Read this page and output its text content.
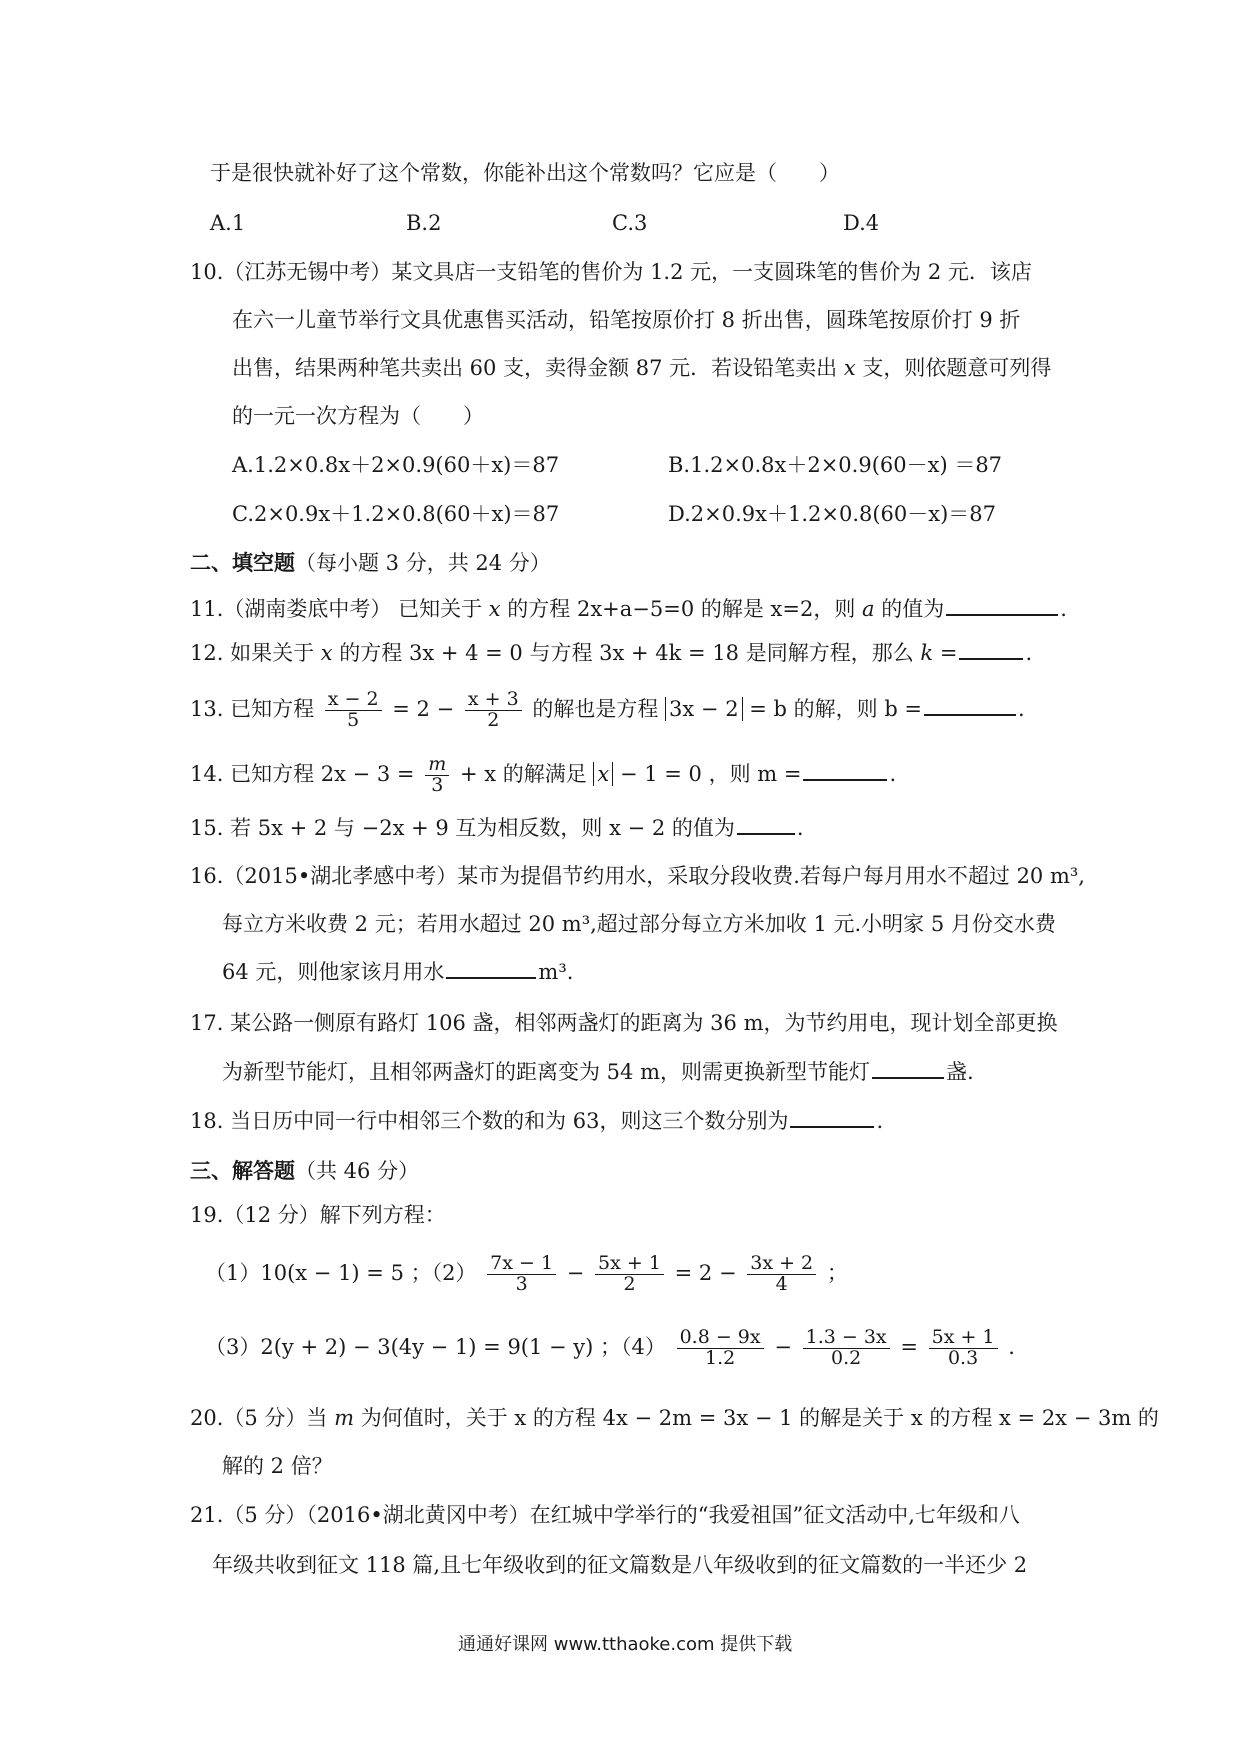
于是很快就补好了这个常数，你能补出这个常数吗？它应是（　　）
A.1	B.2	C.3	D.4
10.（江苏无锡中考）某文具店一支铅笔的售价为 1.2 元，一支圆珠笔的售价为 2 元．该店
在六一儿童节举行文具优惠售买活动，铅笔按原价打 8 折出售，圆珠笔按原价打 9 折
出售，结果两种笔共卖出 60 支，卖得金额 87 元．若设铅笔卖出 x 支，则依题意可列得
的一元一次方程为（　　）
A.1.2×0.8x＋2×0.9(60＋x)＝87	B.1.2×0.8x＋2×0.9(60－x) ＝87
C.2×0.9x＋1.2×0.8(60＋x)＝87	D.2×0.9x＋1.2×0.8(60－x)＝87
二、填空题（每小题 3 分，共 24 分）
11.（湖南娄底中考） 已知关于 x 的方程 2x+a−5=0 的解是 x=2，则 a 的值为	.
12. 如果关于 x 的方程 3x + 4 = 0 与方程 3x + 4k = 18 是同解方程，那么 k =	.
13. 已知方程 $\frac{x - 2}{5} = 2 - \frac{x + 3}{2}$ 的解也是方程 3x − 2 = b 的解，则 b =	.
14. 已知方程 $2x - 3 = \frac{m}{3} + x$ 的解满足 x − 1 = 0 ，则 m =	.
15. 若 5x + 2 与 −2x + 9 互为相反数，则 x − 2 的值为	.
16.（2015•湖北孝感中考）某市为提倡节约用水，采取分段收费.若每户每月用水不超过 20 m³,
每立方米收费 2 元；若用水超过 20 m³,超过部分每立方米加收 1 元.小明家 5 月份交水费
64 元，则他家该月用水	m³.
17. 某公路一侧原有路灯 106 盏，相邻两盏灯的距离为 36 m，为节约用电，现计划全部更换
为新型节能灯，且相邻两盏灯的距离变为 54 m，则需更换新型节能灯	盏.
18. 当日历中同一行中相邻三个数的和为 63，则这三个数分别为	.
三、解答题（共 46 分）
19.（12 分）解下列方程：
（1）10(x − 1) = 5 ；$(2) \frac{7x - 1}{3} - \frac{5x + 1}{2} = 2 - \frac{3x + 2}{4}$ ；
（3）2(y + 2) − 3(4y − 1) = 9(1 − y) ；$(4) \frac{0.8 - 9x}{1.2} - \frac{1.3 - 3x}{0.2} = \frac{5x + 1}{0.3}$ .
20.（5 分）当 m 为何值时，关于 x 的方程 4x − 2m = 3x − 1 的解是关于 x 的方程 x = 2x − 3m 的
解的 2 倍？
21.（5 分）（2016•湖北黄冈中考）在红城中学举行的“我爱祖国”征文活动中,七年级和八
年级共收到征文 118 篇,且七年级收到的征文篇数是八年级收到的征文篇数的一半还少 2
通通好课网 www.tthaoke.com 提供下载
